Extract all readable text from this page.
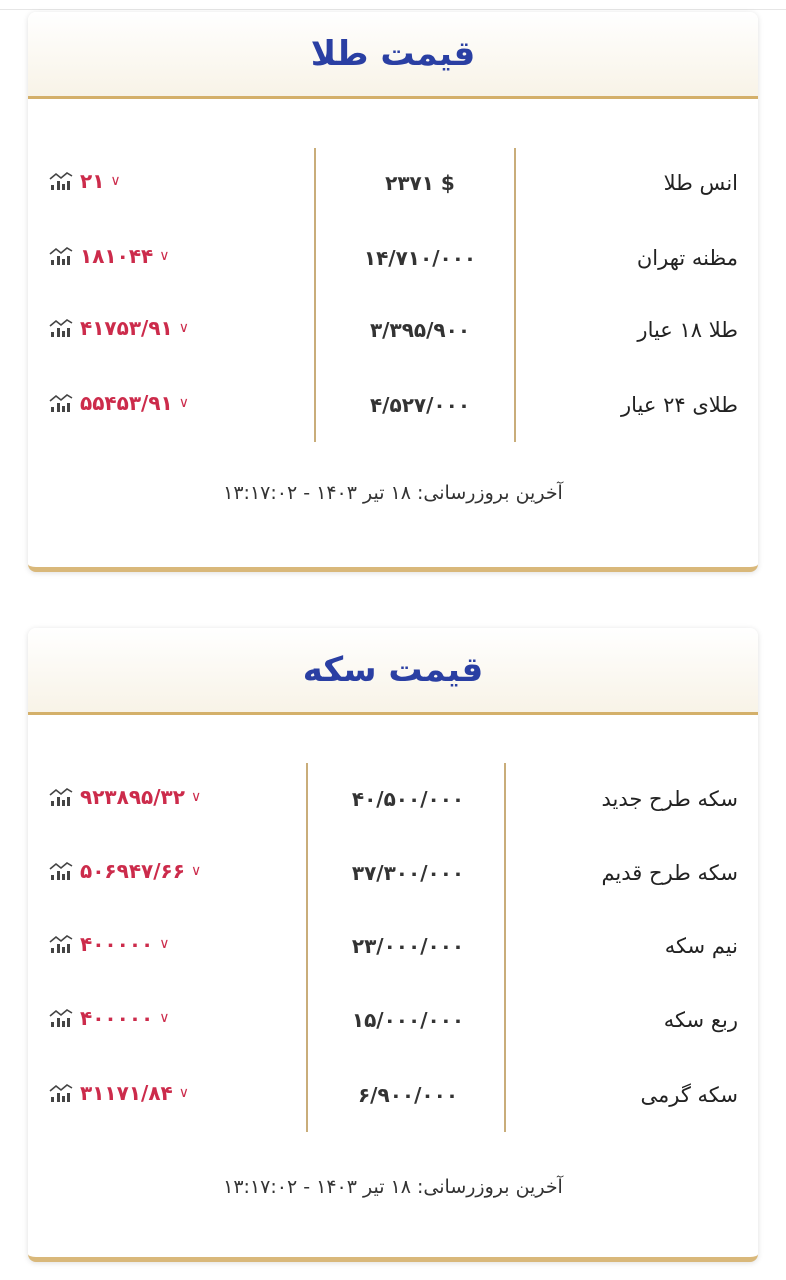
قیمت طلا
آخرین بروزرسانی: ۱۸ تیر ۱۴۰۳ - ۱۳:۱۷:۰۲
انس طلا
۲۳۷۱ $
۲۱ ∨
مظنه تهران
۱۴/۷۱۰/۰۰۰
۱۸۱۰۴۴ ∨
طلا ۱۸ عیار
۳/۳۹۵/۹۰۰
۴۱۷۵۳/۹۱ ∨
طلای ۲۴ عیار
۴/۵۲۷/۰۰۰
۵۵۴۵۳/۹۱ ∨
قیمت سکه
آخرین بروزرسانی: ۱۸ تیر ۱۴۰۳ - ۱۳:۱۷:۰۲
سکه طرح جدید
۴۰/۵۰۰/۰۰۰
۹۲۳۸۹۵/۳۲ ∨
سکه طرح قدیم
۳۷/۳۰۰/۰۰۰
۵۰۶۹۴۷/۶۶ ∨
نیم سکه
۲۳/۰۰۰/۰۰۰
۴۰۰۰۰۰ ∨
ربع سکه
۱۵/۰۰۰/۰۰۰
۴۰۰۰۰۰ ∨
سکه گرمی
۶/۹۰۰/۰۰۰
۳۱۱۷۱/۸۴ ∨
